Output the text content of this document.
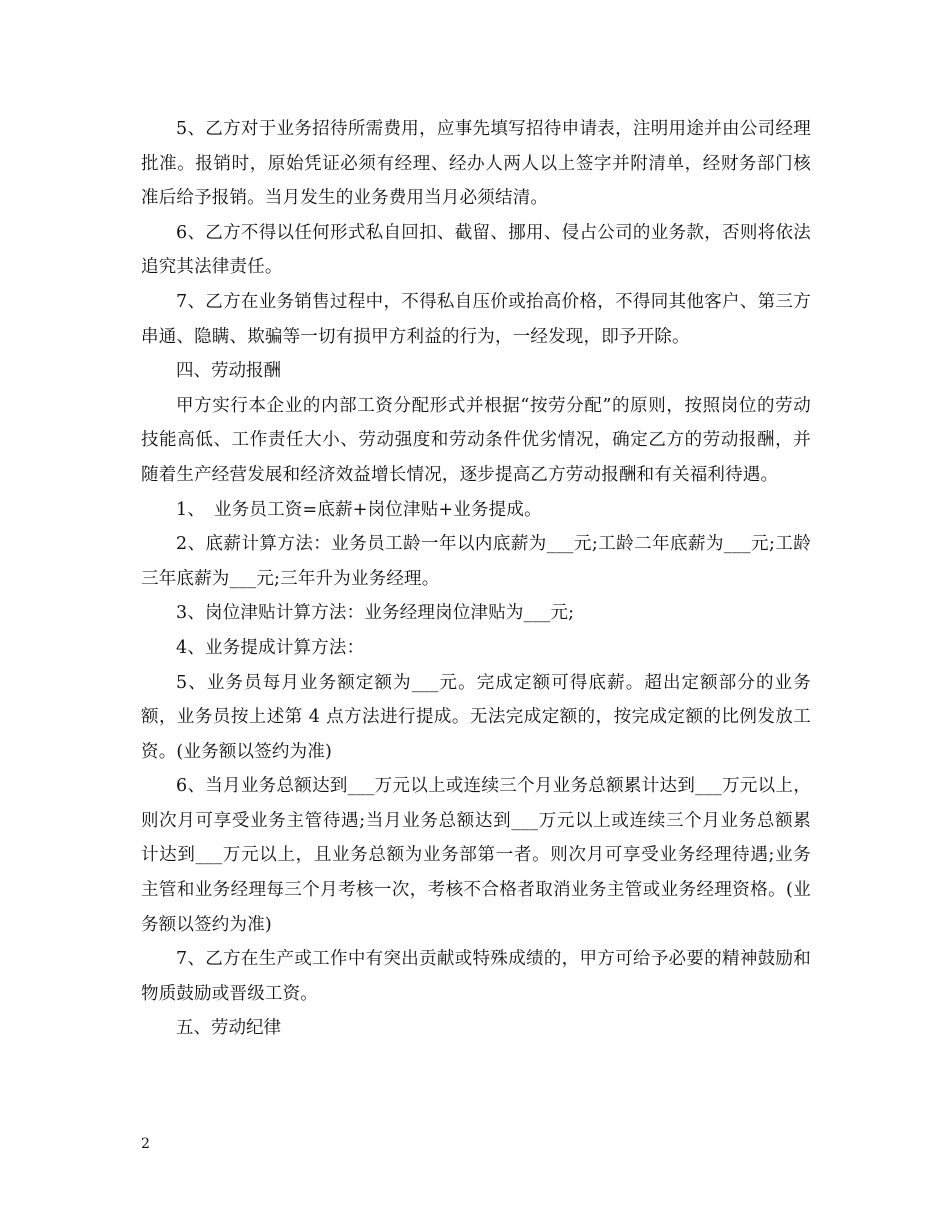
5、乙方对于业务招待所需费用，应事先填写招待申请表，注明用途并由公司经理批准。报销时，原始凭证必须有经理、经办人两人以上签字并附清单，经财务部门核准后给予报销。当月发生的业务费用当月必须结清。

6、乙方不得以任何形式私自回扣、截留、挪用、侵占公司的业务款，否则将依法追究其法律责任。

7、乙方在业务销售过程中，不得私自压价或抬高价格，不得同其他客户、第三方串通、隐瞒、欺骗等一切有损甲方利益的行为，一经发现，即予开除。

四、劳动报酬

甲方实行本企业的内部工资分配形式并根据“按劳分配”的原则，按照岗位的劳动技能高低、工作责任大小、劳动强度和劳动条件优劣情况，确定乙方的劳动报酬，并随着生产经营发展和经济效益增长情况，逐步提高乙方劳动报酬和有关福利待遇。

1、　业务员工资=底薪+岗位津贴+业务提成。

2、底薪计算方法：业务员工龄一年以内底薪为___元;工龄二年底薪为___元;工龄三年底薪为___元;三年升为业务经理。

3、岗位津贴计算方法：业务经理岗位津贴为___元;

4、业务提成计算方法：

5、业务员每月业务额定额为___元。完成定额可得底薪。超出定额部分的业务额，业务员按上述第 4 点方法进行提成。无法完成定额的，按完成定额的比例发放工资。(业务额以签约为准)

6、当月业务总额达到___万元以上或连续三个月业务总额累计达到___万元以上，则次月可享受业务主管待遇;当月业务总额达到___万元以上或连续三个月业务总额累计达到___万元以上，且业务总额为业务部第一者。则次月可享受业务经理待遇;业务主管和业务经理每三个月考核一次，考核不合格者取消业务主管或业务经理资格。(业务额以签约为准)

7、乙方在生产或工作中有突出贡献或特殊成绩的，甲方可给予必要的精神鼓励和物质鼓励或晋级工资。

五、劳动纪律

2
